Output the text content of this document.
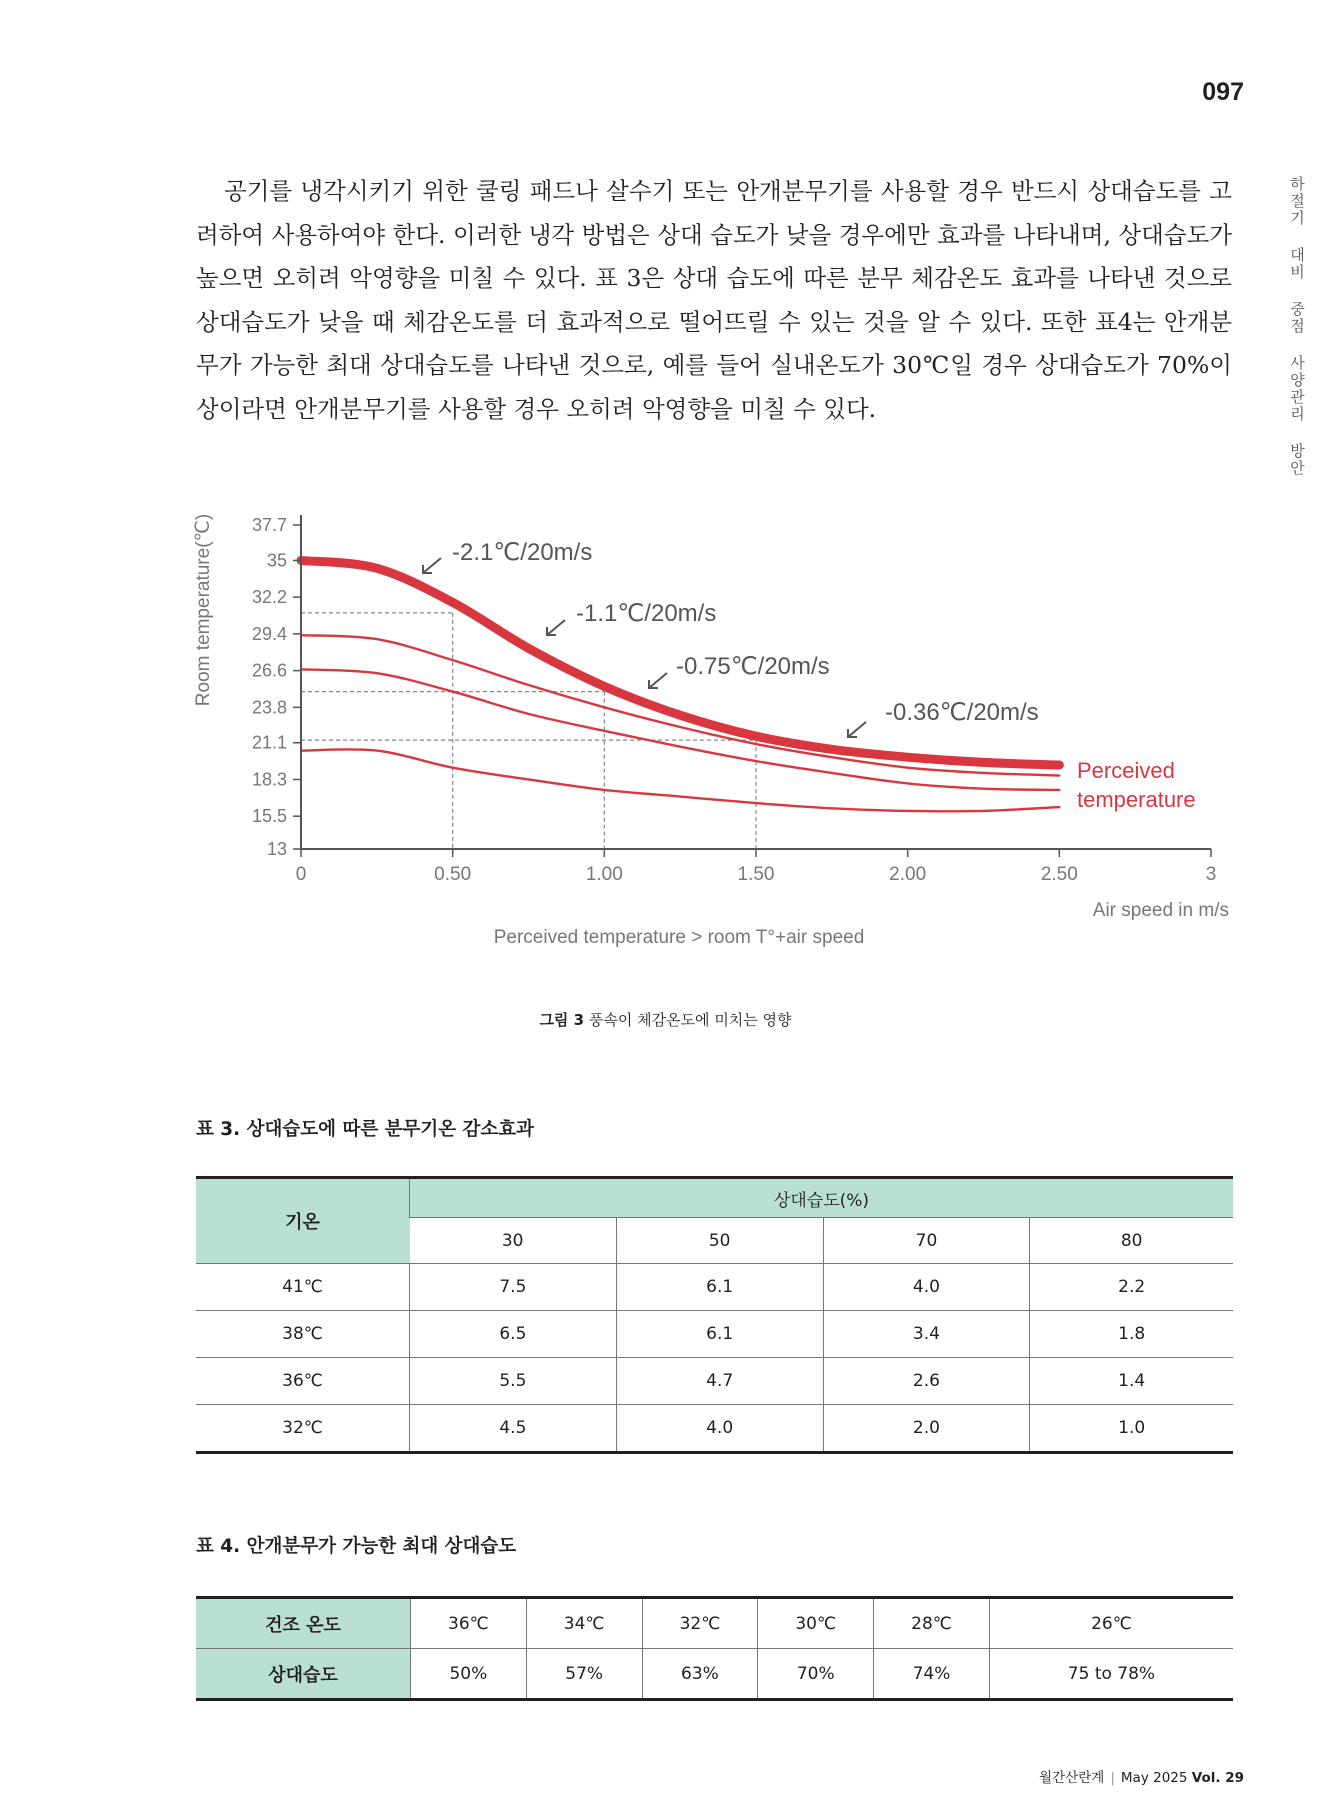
097
하절기 대비 중점 사양관리 방안

공기를 냉각시키기 위한 쿨링 패드나 살수기 또는 안개분무기를 사용할 경우 반드시 상대습도를 고려하여 사용하여야 한다. 이러한 냉각 방법은 상대 습도가 낮을 경우에만 효과를 나타내며, 상대습도가 높으면 오히려 악영향을 미칠 수 있다. 표 3은 상대 습도에 따른 분무 체감온도 효과를 나타낸 것으로 상대습도가 낮을 때 체감온도를 더 효과적으로 떨어뜨릴 수 있는 것을 알 수 있다. 또한 표4는 안개분무가 가능한 최대 상대습도를 나타낸 것으로, 예를 들어 실내온도가 30℃일 경우 상대습도가 70%이상이라면 안개분무기를 사용할 경우 오히려 악영향을 미칠 수 있다.

37.7
35
32.2
29.4
26.6
23.8
21.1
18.3
15.5
13
0	0.50	1.00	1.50	2.00	2.50	3
-2.1℃/20m/s
-1.1℃/20m/s
-0.75℃/20m/s
-0.36℃/20m/s
Room temperature(℃)
Air speed in m/s
Perceived temperature > room T°+air speed
Perceived
temperature
그림 3 풍속이 체감온도에 미치는 영향
표 3. 상대습도에 따른 분무기온 감소효과
기온	상대습도(%)			
	30	50	70	80
41℃	7.5	6.1	4.0	2.2
38℃	6.5	6.1	3.4	1.8
36℃	5.5	4.7	2.6	1.4
32℃	4.5	4.0	2.0	1.0
표 4. 안개분무가 가능한 최대 상대습도
건조 온도	36℃	34℃	32℃	30℃	28℃	26℃
상대습도	50%	57%	63%	70%	74%	75 to 78%
월간산란계 | May 2025 Vol. 29
